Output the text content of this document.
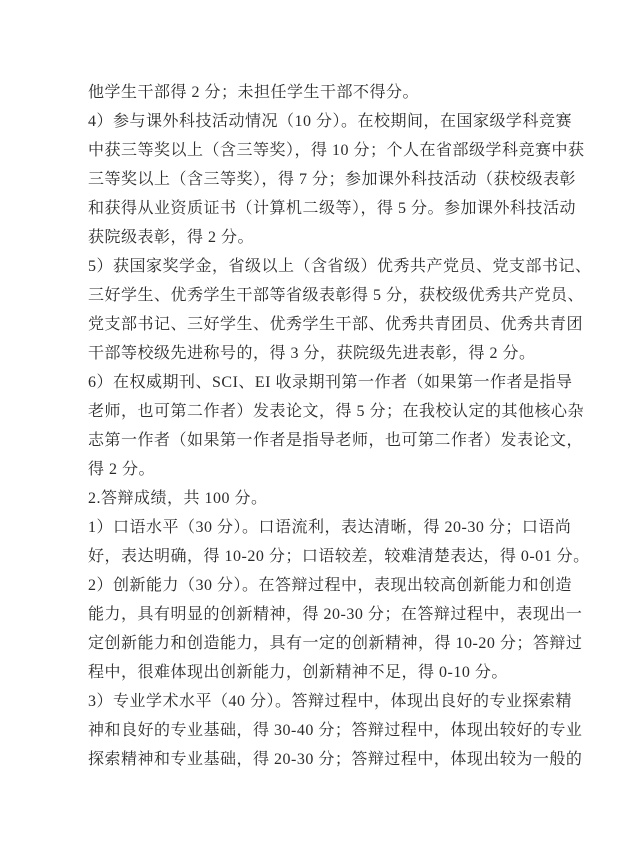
他学生干部得 2 分；未担任学生干部不得分。
4）参与课外科技活动情况（10 分）。在校期间，在国家级学科竞赛
中获三等奖以上（含三等奖），得 10 分；个人在省部级学科竞赛中获
三等奖以上（含三等奖），得 7 分；参加课外科技活动（获校级表彰
和获得从业资质证书（计算机二级等），得 5 分。参加课外科技活动
获院级表彰，得 2 分。
5）获国家奖学金，省级以上（含省级）优秀共产党员、党支部书记、
三好学生、优秀学生干部等省级表彰得 5 分，获校级优秀共产党员、
党支部书记、三好学生、优秀学生干部、优秀共青团员、优秀共青团
干部等校级先进称号的，得 3 分，获院级先进表彰，得 2 分。
6）在权威期刊、SCI、EI 收录期刊第一作者（如果第一作者是指导
老师，也可第二作者）发表论文，得 5 分；在我校认定的其他核心杂
志第一作者（如果第一作者是指导老师，也可第二作者）发表论文，
得 2 分。
2.答辩成绩，共 100 分。
1）口语水平（30 分）。口语流利，表达清晰，得 20-30 分；口语尚
好，表达明确，得 10-20 分；口语较差，较难清楚表达，得 0-01 分。
2）创新能力（30 分）。在答辩过程中，表现出较高创新能力和创造
能力，具有明显的创新精神，得 20-30 分；在答辩过程中，表现出一
定创新能力和创造能力，具有一定的创新精神，得 10-20 分；答辩过
程中，很难体现出创新能力，创新精神不足，得 0-10 分。
3）专业学术水平（40 分）。答辩过程中，体现出良好的专业探索精
神和良好的专业基础，得 30-40 分；答辩过程中，体现出较好的专业
探索精神和专业基础，得 20-30 分；答辩过程中，体现出较为一般的
